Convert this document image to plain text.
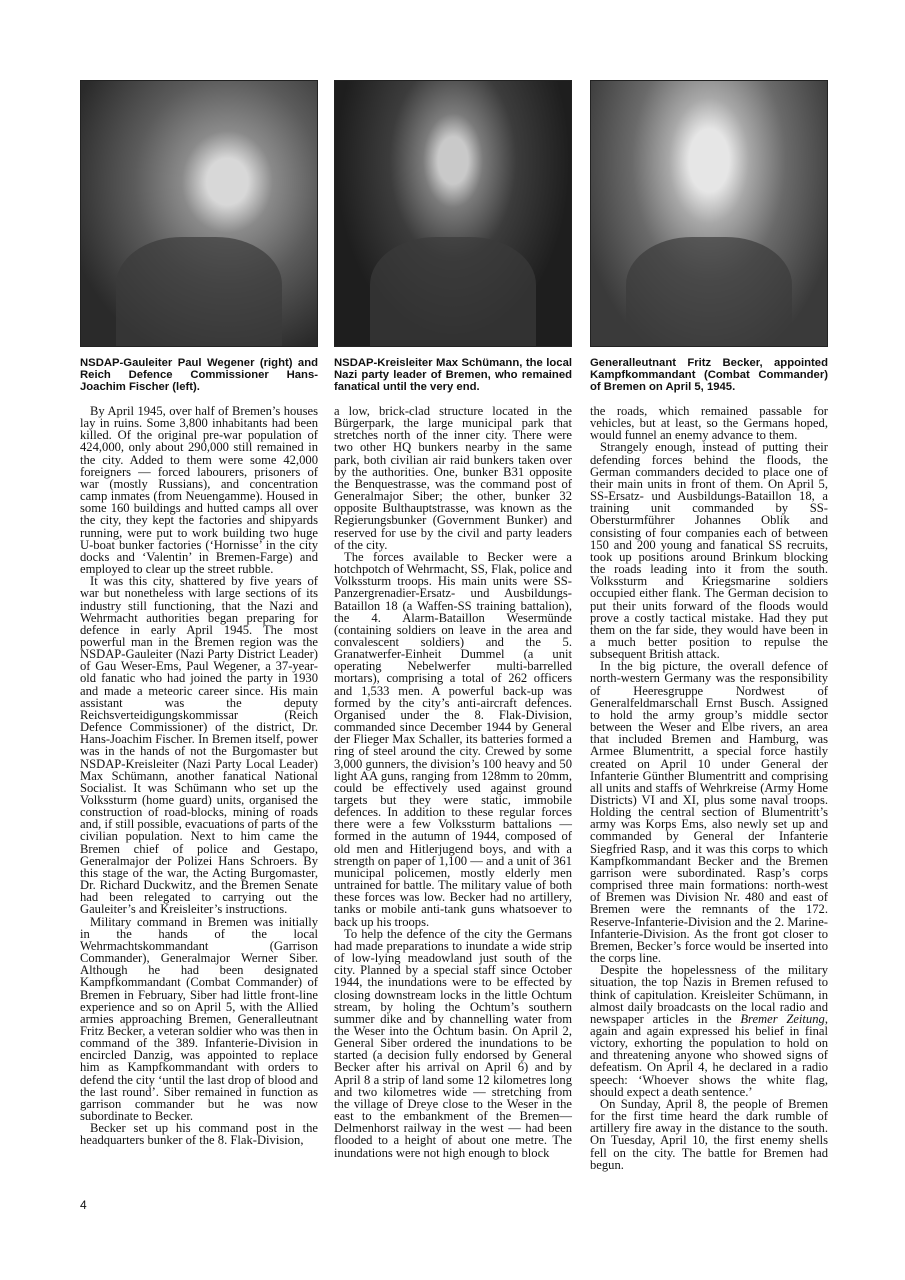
NSDAP-Gauleiter Paul Wegener (right) and Reich Defence Commissioner Hans-Joachim Fischer (left).
NSDAP-Kreisleiter Max Schümann, the local Nazi party leader of Bremen, who remained fanatical until the very end.
Generalleutnant Fritz Becker, appointed Kampfkommandant (Combat Commander) of Bremen on April 5, 1945.

By April 1945, over half of Bremen’s houses lay in ruins. Some 3,800 inhabitants had been killed. Of the original pre-war population of 424,000, only about 290,000 still remained in the city. Added to them were some 42,000 foreigners — forced labourers, prisoners of war (mostly Russians), and concentration camp inmates (from Neuengamme). Housed in some 160 buildings and hutted camps all over the city, they kept the factories and shipyards running, were put to work building two huge U-boat bunker factories (‘Hornisse’ in the city docks and ‘Valentin’ in Bremen-Farge) and employed to clear up the street rubble.

It was this city, shattered by five years of war but nonetheless with large sections of its industry still functioning, that the Nazi and Wehrmacht authorities began preparing for defence in early April 1945. The most powerful man in the Bremen region was the NSDAP-Gauleiter (Nazi Party District Leader) of Gau Weser-Ems, Paul Wegener, a 37-year-old fanatic who had joined the party in 1930 and made a meteoric career since. His main assistant was the deputy Reichsverteidigungskommissar (Reich Defence Commissioner) of the district, Dr. Hans-Joachim Fischer. In Bremen itself, power was in the hands of not the Burgomaster but NSDAP-Kreisleiter (Nazi Party Local Leader) Max Schümann, another fanatical National Socialist. It was Schümann who set up the Volkssturm (home guard) units, organised the construction of road-blocks, mining of roads and, if still possible, evacuations of parts of the civilian population. Next to him came the Bremen chief of police and Gestapo, Generalmajor der Polizei Hans Schroers. By this stage of the war, the Acting Burgomaster, Dr. Richard Duckwitz, and the Bremen Senate had been relegated to carrying out the Gauleiter’s and Kreisleiter’s instructions.

Military command in Bremen was initially in the hands of the local Wehrmachtskommandant (Garrison Commander), Generalmajor Werner Siber. Although he had been designated Kampfkommandant (Combat Commander) of Bremen in February, Siber had little front-line experience and so on April 5, with the Allied armies approaching Bremen, Generalleutnant Fritz Becker, a veteran soldier who was then in command of the 389. Infanterie-Division in encircled Danzig, was appointed to replace him as Kampfkommandant with orders to defend the city ‘until the last drop of blood and the last round’. Siber remained in function as garrison commander but he was now subordinate to Becker.

Becker set up his command post in the headquarters bunker of the 8. Flak-Division,

a low, brick-clad structure located in the Bürgerpark, the large municipal park that stretches north of the inner city. There were two other HQ bunkers nearby in the same park, both civilian air raid bunkers taken over by the authorities. One, bunker B31 opposite the Benquestrasse, was the command post of Generalmajor Siber; the other, bunker 32 opposite Bulthauptstrasse, was known as the Regierungsbunker (Government Bunker) and reserved for use by the civil and party leaders of the city.

The forces available to Becker were a hotchpotch of Wehrmacht, SS, Flak, police and Volkssturm troops. His main units were SS-Panzergrenadier-Ersatz- und Ausbildungs-Bataillon 18 (a Waffen-SS training battalion), the 4. Alarm-Bataillon Wesermünde (containing soldiers on leave in the area and convalescent soldiers) and the 5. Granatwerfer-Einheit Dummel (a unit operating Nebelwerfer multi-barrelled mortars), comprising a total of 262 officers and 1,533 men. A powerful back-up was formed by the city’s anti-aircraft defences. Organised under the 8. Flak-Division, commanded since December 1944 by General der Flieger Max Schaller, its batteries formed a ring of steel around the city. Crewed by some 3,000 gunners, the division’s 100 heavy and 50 light AA guns, ranging from 128mm to 20mm, could be effectively used against ground targets but they were static, immobile defences. In addition to these regular forces there were a few Volkssturm battalions — formed in the autumn of 1944, composed of old men and Hitlerjugend boys, and with a strength on paper of 1,100 — and a unit of 361 municipal policemen, mostly elderly men untrained for battle. The military value of both these forces was low. Becker had no artillery, tanks or mobile anti-tank guns whatsoever to back up his troops.

To help the defence of the city the Germans had made preparations to inundate a wide strip of low-lying meadowland just south of the city. Planned by a special staff since October 1944, the inundations were to be effected by closing downstream locks in the little Ochtum stream, by holing the Ochtum’s southern summer dike and by channelling water from the Weser into the Ochtum basin. On April 2, General Siber ordered the inundations to be started (a decision fully endorsed by General Becker after his arrival on April 6) and by April 8 a strip of land some 12 kilometres long and two kilometres wide — stretching from the village of Dreye close to the Weser in the east to the embankment of the Bremen—Delmenhorst railway in the west — had been flooded to a height of about one metre. The inundations were not high enough to block

the roads, which remained passable for vehicles, but at least, so the Germans hoped, would funnel an enemy advance to them.

Strangely enough, instead of putting their defending forces behind the floods, the German commanders decided to place one of their main units in front of them. On April 5, SS-Ersatz- und Ausbildungs-Bataillon 18, a training unit commanded by SS-Obersturmführer Johannes Oblik and consisting of four companies each of between 150 and 200 young and fanatical SS recruits, took up positions around Brinkum blocking the roads leading into it from the south. Volkssturm and Kriegsmarine soldiers occupied either flank. The German decision to put their units forward of the floods would prove a costly tactical mistake. Had they put them on the far side, they would have been in a much better position to repulse the subsequent British attack.

In the big picture, the overall defence of north-western Germany was the responsibility of Heeresgruppe Nordwest of Generalfeldmarschall Ernst Busch. Assigned to hold the army group’s middle sector between the Weser and Elbe rivers, an area that included Bremen and Hamburg, was Armee Blumentritt, a special force hastily created on April 10 under General der Infanterie Günther Blumentritt and comprising all units and staffs of Wehrkreise (Army Home Districts) VI and XI, plus some naval troops. Holding the central section of Blumentritt’s army was Korps Ems, also newly set up and commanded by General der Infanterie Siegfried Rasp, and it was this corps to which Kampfkommandant Becker and the Bremen garrison were subordinated. Rasp’s corps comprised three main formations: north-west of Bremen was Division Nr. 480 and east of Bremen were the remnants of the 172. Reserve-Infanterie-Division and the 2. Marine-Infanterie-Division. As the front got closer to Bremen, Becker’s force would be inserted into the corps line.

Despite the hopelessness of the military situation, the top Nazis in Bremen refused to think of capitulation. Kreisleiter Schümann, in almost daily broadcasts on the local radio and newspaper articles in the Bremer Zeitung, again and again expressed his belief in final victory, exhorting the population to hold on and threatening anyone who showed signs of defeatism. On April 4, he declared in a radio speech: ‘Whoever shows the white flag, should expect a death sentence.’

On Sunday, April 8, the people of Bremen for the first time heard the dark rumble of artillery fire away in the distance to the south. On Tuesday, April 10, the first enemy shells fell on the city. The battle for Bremen had begun.

4
